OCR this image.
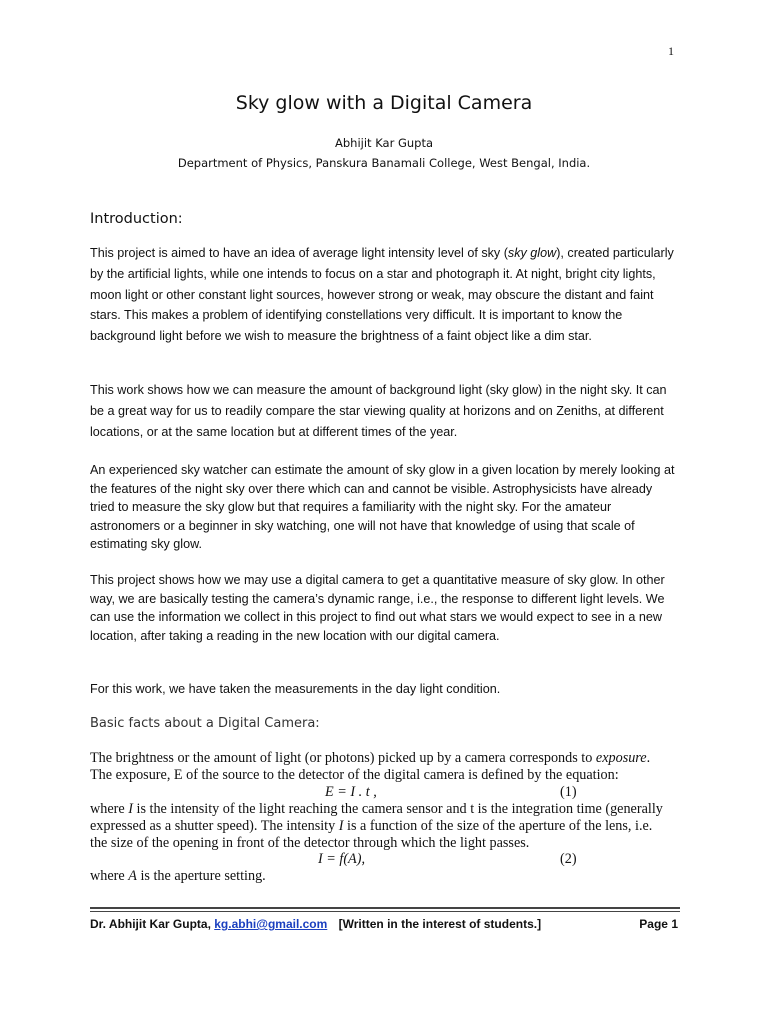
1
Sky glow with a Digital Camera
Abhijit Kar Gupta
Department of Physics, Panskura Banamali College, West Bengal, India.
Introduction:

This project is aimed to have an idea of average light intensity level of sky (sky glow), created particularly by the artificial lights, while one intends to focus on a star and photograph it. At night, bright city lights, moon light or other constant light sources, however strong or weak, may obscure the distant and faint stars. This makes a problem of identifying constellations very difficult. It is important to know the background light before we wish to measure the brightness of a faint object like a dim star.

This work shows how we can measure the amount of background light (sky glow) in the night sky. It can be a great way for us to readily compare the star viewing quality at horizons and on Zeniths, at different locations, or at the same location but at different times of the year.

An experienced sky watcher can estimate the amount of sky glow in a given location by merely looking at the features of the night sky over there which can and cannot be visible. Astrophysicists have already tried to measure the sky glow but that requires a familiarity with the night sky. For the amateur astronomers or a beginner in sky watching, one will not have that knowledge of using that scale of estimating sky glow.

This project shows how we may use a digital camera to get a quantitative measure of sky glow. In other way, we are basically testing the camera’s dynamic range, i.e., the response to different light levels. We can use the information we collect in this project to find out what stars we would expect to see in a new location, after taking a reading in the new location with our digital camera.

For this work, we have taken the measurements in the day light condition.

Basic facts about a Digital Camera:
The brightness or the amount of light (or photons) picked up by a camera corresponds to exposure.
The exposure, E of the source to the detector of the digital camera is defined by the equation:
E = I . t ,	(1)
where I is the intensity of the light reaching the camera sensor and t is the integration time (generally
expressed as a shutter speed). The intensity I is a function of the size of the aperture of the lens, i.e.
the size of the opening in front of the detector through which the light passes.
I = f(A),	(2)
where A is the aperture setting.
Dr. Abhijit Kar Gupta, kg.abhi@gmail.com [Written in the interest of students.]	Page 1
